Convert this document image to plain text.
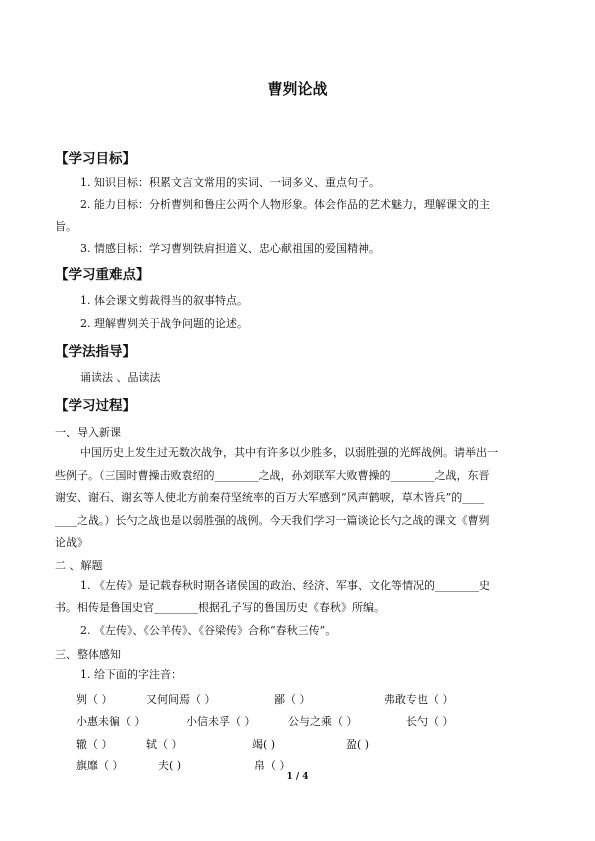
曹刿论战
【学习目标】
1. 知识目标：积累文言文常用的实词、一词多义、重点句子。
2. 能力目标：分析曹刿和鲁庄公两个人物形象。体会作品的艺术魅力，理解课文的主
旨。
3. 情感目标：学习曹刿铁肩担道义、忠心献祖国的爱国精神。
【学习重难点】
1. 体会课文剪裁得当的叙事特点。
2. 理解曹刿关于战争问题的论述。
【学法指导】
诵读法 、品读法
【学习过程】
一、导入新课
中国历史上发生过无数次战争，其中有许多以少胜多，以弱胜强的光辉战例。请举出一
些例子。（三国时曹操击败袁绍的________之战，孙刘联军大败曹操的________之战，东晋
谢安、谢石、谢玄等人使北方前秦苻坚统率的百万大军感到“风声鹤唳，草木皆兵”的____
____之战。）长勺之战也是以弱胜强的战例。今天我们学习一篇谈论长勺之战的课文《曹刿
论战》
二 、解题
1. 《左传》是记载春秋时期各诸侯国的政治、经济、军事、文化等情况的________史
书。相传是鲁国史官________根据孔子写的鲁国历史《春秋》所编。
2. 《左传》、《公羊传》、《谷梁传》合称“春秋三传”。
三、整体感知
1. 给下面的字注音：
刿（ ）	又何间焉（ ）	鄙（ ）	弗敢专也（ ）
小惠未徧（ ）	小信未孚（ ）	公与之乘（ ）	长勺（ ）
辙（ ）	轼（ ）	竭( )	盈( )
旗靡（ ）	夫( )	帛（ ）
1 / 4
